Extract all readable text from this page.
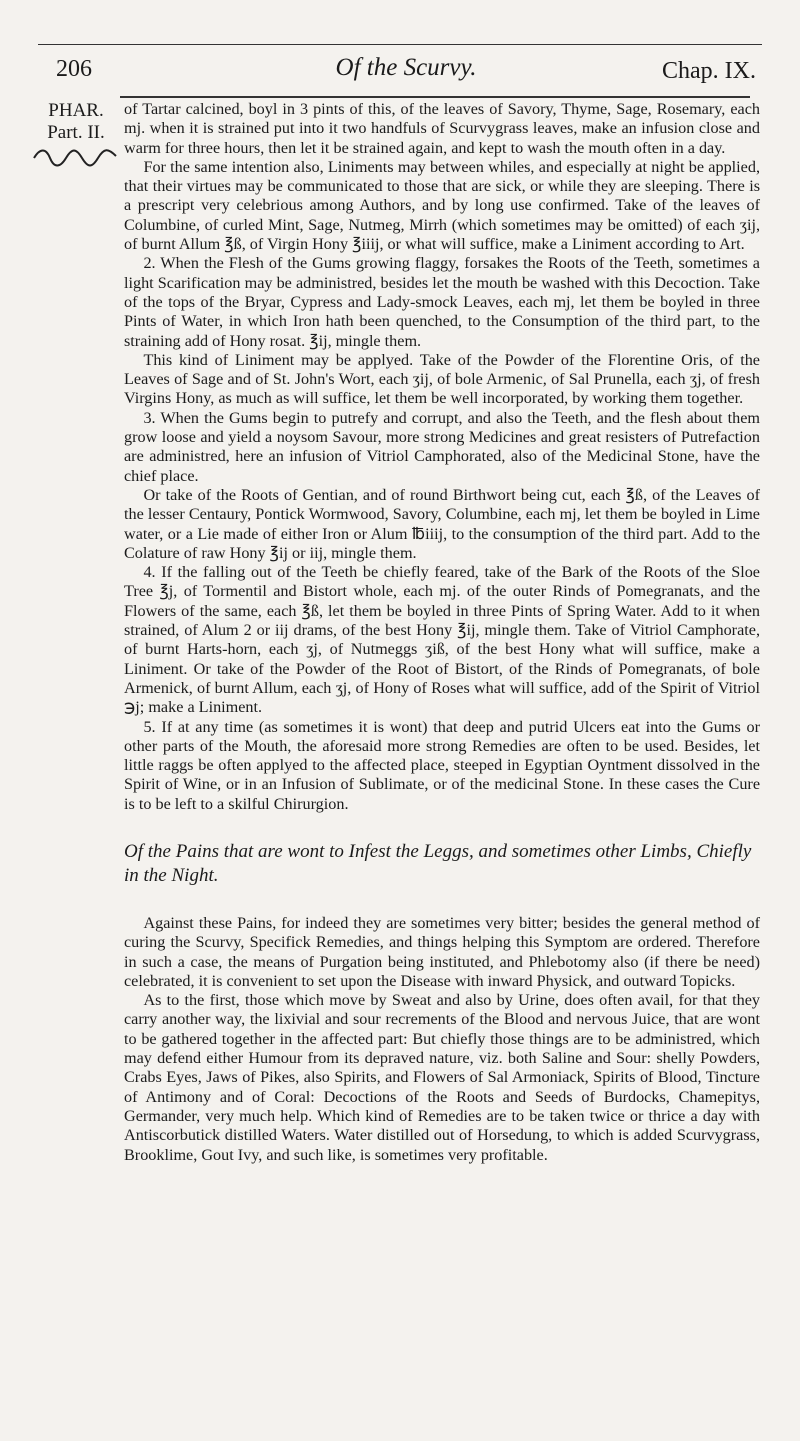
206	Of the Scurvy.	Chap. IX.
PHAR.
Part. II.

of Tartar calcined, boyl in 3 pints of this, of the leaves of Savory, Thyme, Sage, Rosemary, each mj. when it is strained put into it two handfuls of Scurvygrass leaves, make an infusion close and warm for three hours, then let it be strained again, and kept to wash the mouth often in a day.

For the same intention also, Liniments may between whiles, and especially at night be applied, that their virtues may be communicated to those that are sick, or while they are sleeping. There is a prescript very celebrious among Authors, and by long use confirmed. Take of the leaves of Columbine, of curled Mint, Sage, Nutmeg, Mirrh (which sometimes may be omitted) of each ʒij, of burnt Allum ℥ß, of Virgin Hony ℥iiij, or what will suffice, make a Liniment according to Art.

2. When the Flesh of the Gums growing flaggy, forsakes the Roots of the Teeth, sometimes a light Scarification may be administred, besides let the mouth be washed with this Decoction. Take of the tops of the Bryar, Cypress and Lady-smock Leaves, each mj, let them be boyled in three Pints of Water, in which Iron hath been quenched, to the Consumption of the third part, to the straining add of Hony rosat. ℥ij, mingle them.

This kind of Liniment may be applyed. Take of the Powder of the Florentine Oris, of the Leaves of Sage and of St. John's Wort, each ʒij, of bole Armenic, of Sal Prunella, each ʒj, of fresh Virgins Hony, as much as will suffice, let them be well incorporated, by working them together.

3. When the Gums begin to putrefy and corrupt, and also the Teeth, and the flesh about them grow loose and yield a noysom Savour, more strong Medicines and great resisters of Putrefaction are administred, here an infusion of Vitriol Camphorated, also of the Medicinal Stone, have the chief place.

Or take of the Roots of Gentian, and of round Birthwort being cut, each ℥ß, of the Leaves of the lesser Centaury, Pontick Wormwood, Savory, Columbine, each mj, let them be boyled in Lime water, or a Lie made of either Iron or Alum ℔iiij, to the consumption of the third part. Add to the Colature of raw Hony ℥ij or iij, mingle them.

4. If the falling out of the Teeth be chiefly feared, take of the Bark of the Roots of the Sloe Tree ℥j, of Tormentil and Bistort whole, each mj. of the outer Rinds of Pomegranats, and the Flowers of the same, each ℥ß, let them be boyled in three Pints of Spring Water. Add to it when strained, of Alum 2 or iij drams, of the best Hony ℥ij, mingle them. Take of Vitriol Camphorate, of burnt Harts-horn, each ʒj, of Nutmeggs ʒiß, of the best Hony what will suffice, make a Liniment. Or take of the Powder of the Root of Bistort, of the Rinds of Pomegranats, of bole Armenick, of burnt Allum, each ʒj, of Hony of Roses what will suffice, add of the Spirit of Vitriol ℈j; make a Liniment.

5. If at any time (as sometimes it is wont) that deep and putrid Ulcers eat into the Gums or other parts of the Mouth, the aforesaid more strong Remedies are often to be used. Besides, let little raggs be often applyed to the affected place, steeped in Egyptian Oyntment dissolved in the Spirit of Wine, or in an Infusion of Sublimate, or of the medicinal Stone. In these cases the Cure is to be left to a skilful Chirurgion.

Of the Pains that are wont to Infest the Leggs, and sometimes other Limbs, Chiefly in the Night.

Against these Pains, for indeed they are sometimes very bitter; besides the general method of curing the Scurvy, Specifick Remedies, and things helping this Symptom are ordered. Therefore in such a case, the means of Purgation being instituted, and Phlebotomy also (if there be need) celebrated, it is convenient to set upon the Disease with inward Physick, and outward Topicks.

As to the first, those which move by Sweat and also by Urine, does often avail, for that they carry another way, the lixivial and sour recrements of the Blood and nervous Juice, that are wont to be gathered together in the affected part: But chiefly those things are to be administred, which may defend either Humour from its depraved nature, viz. both Saline and Sour: shelly Powders, Crabs Eyes, Jaws of Pikes, also Spirits, and Flowers of Sal Armoniack, Spirits of Blood, Tincture of Antimony and of Coral: Decoctions of the Roots and Seeds of Burdocks, Chamepitys, Germander, very much help. Which kind of Remedies are to be taken twice or thrice a day with Antiscorbutick distilled Waters. Water distilled out of Horsedung, to which is added Scurvygrass, Brooklime, Gout Ivy, and such like, is sometimes very profitable.
